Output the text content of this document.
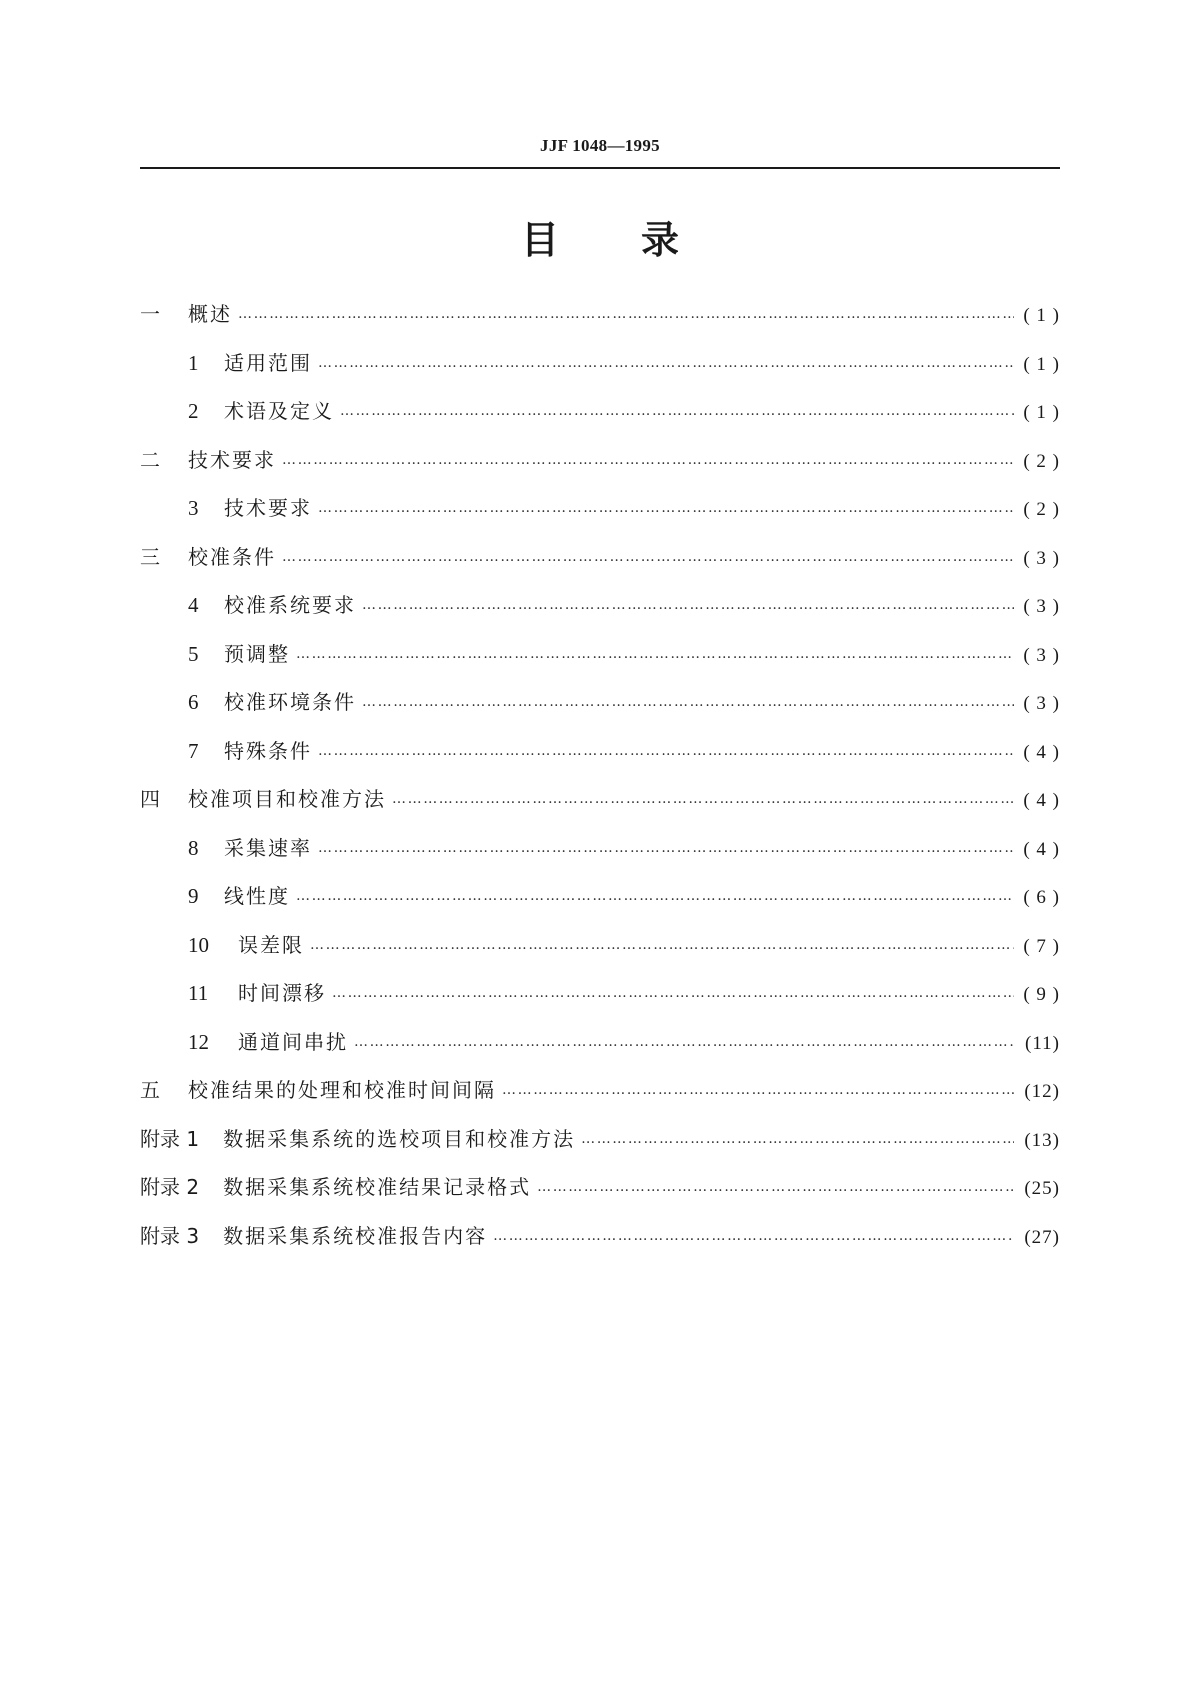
JJF 1048—1995
目 录
一	概述 ……………………………………………………………………………………………………………………………………………………………………………………………………………………………………………………	( 1 )
1	适用范围 ……………………………………………………………………………………………………………………………………………………………………………………………………………………………………………………	( 1 )
2	术语及定义 ……………………………………………………………………………………………………………………………………………………………………………………………………………………………………………………	( 1 )
二	技术要求 ……………………………………………………………………………………………………………………………………………………………………………………………………………………………………………………	( 2 )
3	技术要求 ……………………………………………………………………………………………………………………………………………………………………………………………………………………………………………………	( 2 )
三	校准条件 ……………………………………………………………………………………………………………………………………………………………………………………………………………………………………………………	( 3 )
4	校准系统要求 ……………………………………………………………………………………………………………………………………………………………………………………………………………………………………………………	( 3 )
5	预调整 ……………………………………………………………………………………………………………………………………………………………………………………………………………………………………………………	( 3 )
6	校准环境条件 ……………………………………………………………………………………………………………………………………………………………………………………………………………………………………………………	( 3 )
7	特殊条件 ……………………………………………………………………………………………………………………………………………………………………………………………………………………………………………………	( 4 )
四	校准项目和校准方法 ……………………………………………………………………………………………………………………………………………………………………………………………………………………………………………………	( 4 )
8	采集速率 ……………………………………………………………………………………………………………………………………………………………………………………………………………………………………………………	( 4 )
9	线性度 ……………………………………………………………………………………………………………………………………………………………………………………………………………………………………………………	( 6 )
10	误差限 ……………………………………………………………………………………………………………………………………………………………………………………………………………………………………………………	( 7 )
11	时间漂移 ……………………………………………………………………………………………………………………………………………………………………………………………………………………………………………………	( 9 )
12	通道间串扰 ……………………………………………………………………………………………………………………………………………………………………………………………………………………………………………………	(11)
五	校准结果的处理和校准时间间隔 ……………………………………………………………………………………………………………………………………………………………………………………………………………………………………………………	(12)
附录 1	数据采集系统的选校项目和校准方法 ……………………………………………………………………………………………………………………………………………………………………………………………………………………………………………………	(13)
附录 2	数据采集系统校准结果记录格式 ……………………………………………………………………………………………………………………………………………………………………………………………………………………………………………………	(25)
附录 3	数据采集系统校准报告内容 ……………………………………………………………………………………………………………………………………………………………………………………………………………………………………………………	(27)
